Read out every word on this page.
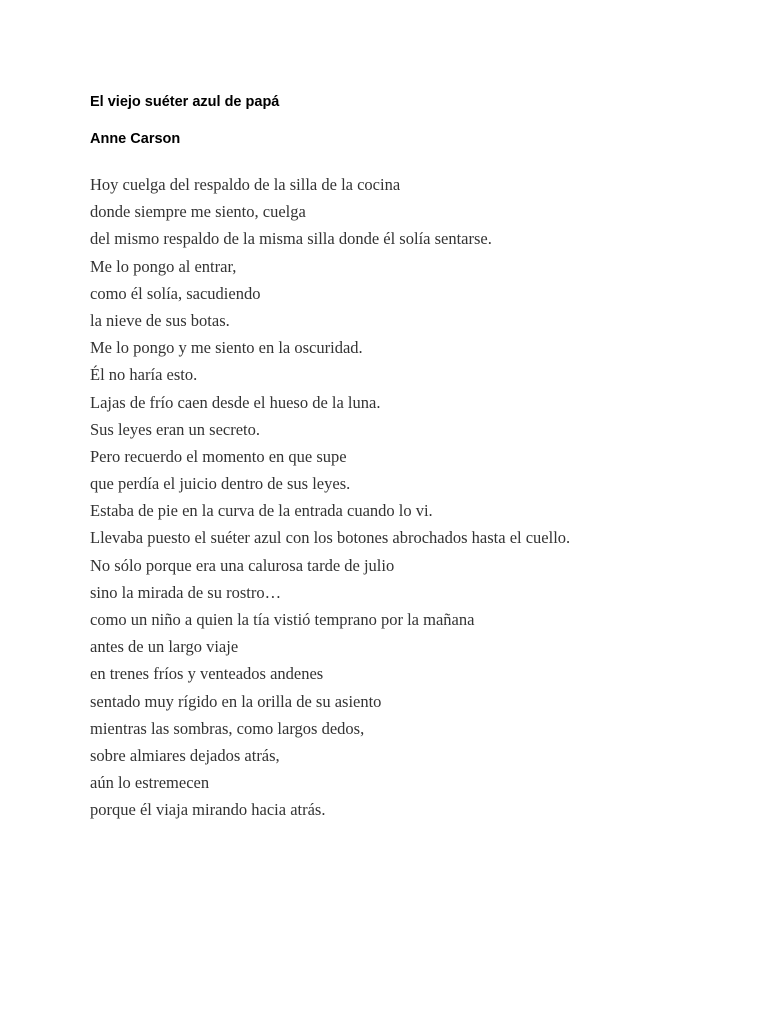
El viejo suéter azul de papá
Anne Carson
Hoy cuelga del respaldo de la silla de la cocina
donde siempre me siento, cuelga
del mismo respaldo de la misma silla donde él solía sentarse.
Me lo pongo al entrar,
como él solía, sacudiendo
la nieve de sus botas.
Me lo pongo y me siento en la oscuridad.
Él no haría esto.
Lajas de frío caen desde el hueso de la luna.
Sus leyes eran un secreto.
Pero recuerdo el momento en que supe
que perdía el juicio dentro de sus leyes.
Estaba de pie en la curva de la entrada cuando lo vi.
Llevaba puesto el suéter azul con los botones abrochados hasta el cuello.
No sólo porque era una calurosa tarde de julio
sino la mirada de su rostro…
como un niño a quien la tía vistió temprano por la mañana
antes de un largo viaje
en trenes fríos y venteados andenes
sentado muy rígido en la orilla de su asiento
mientras las sombras, como largos dedos,
sobre almiares dejados atrás,
aún lo estremecen
porque él viaja mirando hacia atrás.
